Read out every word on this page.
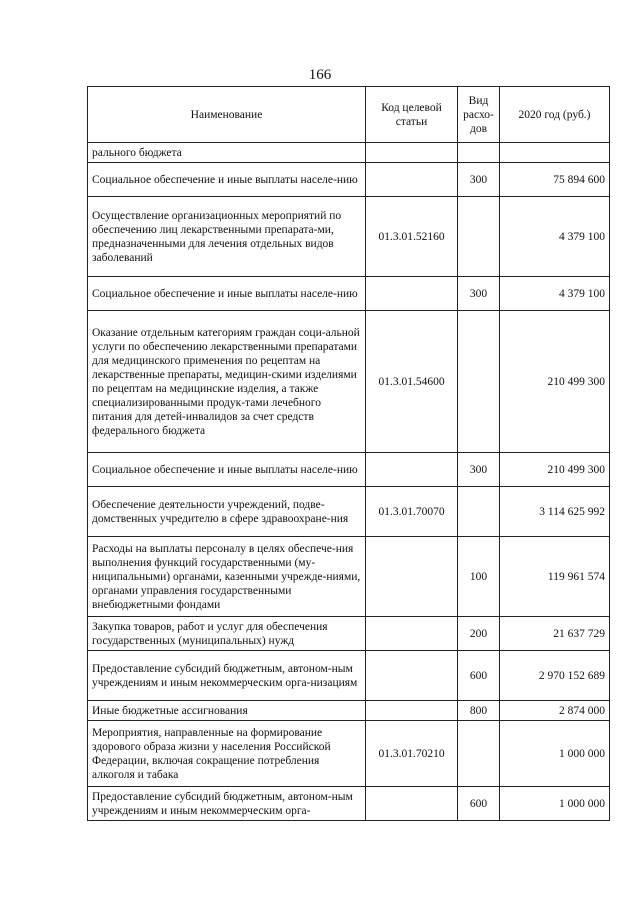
166
Наименование	Код целевой статьи	Вид расхо-дов	2020 год (руб.)
рального бюджета			
Социальное обеспечение и иные выплаты населе-нию		300	75 894 600
Осуществление организационных мероприятий по обеспечению лиц лекарственными препарата-ми, предназначенными для лечения отдельных видов заболеваний	01.3.01.52160		4 379 100
Социальное обеспечение и иные выплаты населе-нию		300	4 379 100
Оказание отдельным категориям граждан соци-альной услуги по обеспечению лекарственными препаратами для медицинского применения по рецептам на лекарственные препараты, медицин-скими изделиями по рецептам на медицинские изделия, а также специализированными продук-тами лечебного питания для детей-инвалидов за счет средств федерального бюджета	01.3.01.54600		210 499 300
Социальное обеспечение и иные выплаты населе-нию		300	210 499 300
Обеспечение деятельности учреждений, подве-домственных учредителю в сфере здравоохране-ния	01.3.01.70070		3 114 625 992
Расходы на выплаты персоналу в целях обеспече-ния выполнения функций государственными (му-ниципальными) органами, казенными учрежде-ниями, органами управления государственными внебюджетными фондами		100	119 961 574
Закупка товаров, работ и услуг для обеспечения государственных (муниципальных) нужд		200	21 637 729
Предоставление субсидий бюджетным, автоном-ным учреждениям и иным некоммерческим орга-низациям		600	2 970 152 689
Иные бюджетные ассигнования		800	2 874 000
Мероприятия, направленные на формирование здорового образа жизни у населения Российской Федерации, включая сокращение потребления алкоголя и табака	01.3.01.70210		1 000 000
Предоставление субсидий бюджетным, автоном-ным учреждениям и иным некоммерческим орга-		600	1 000 000
